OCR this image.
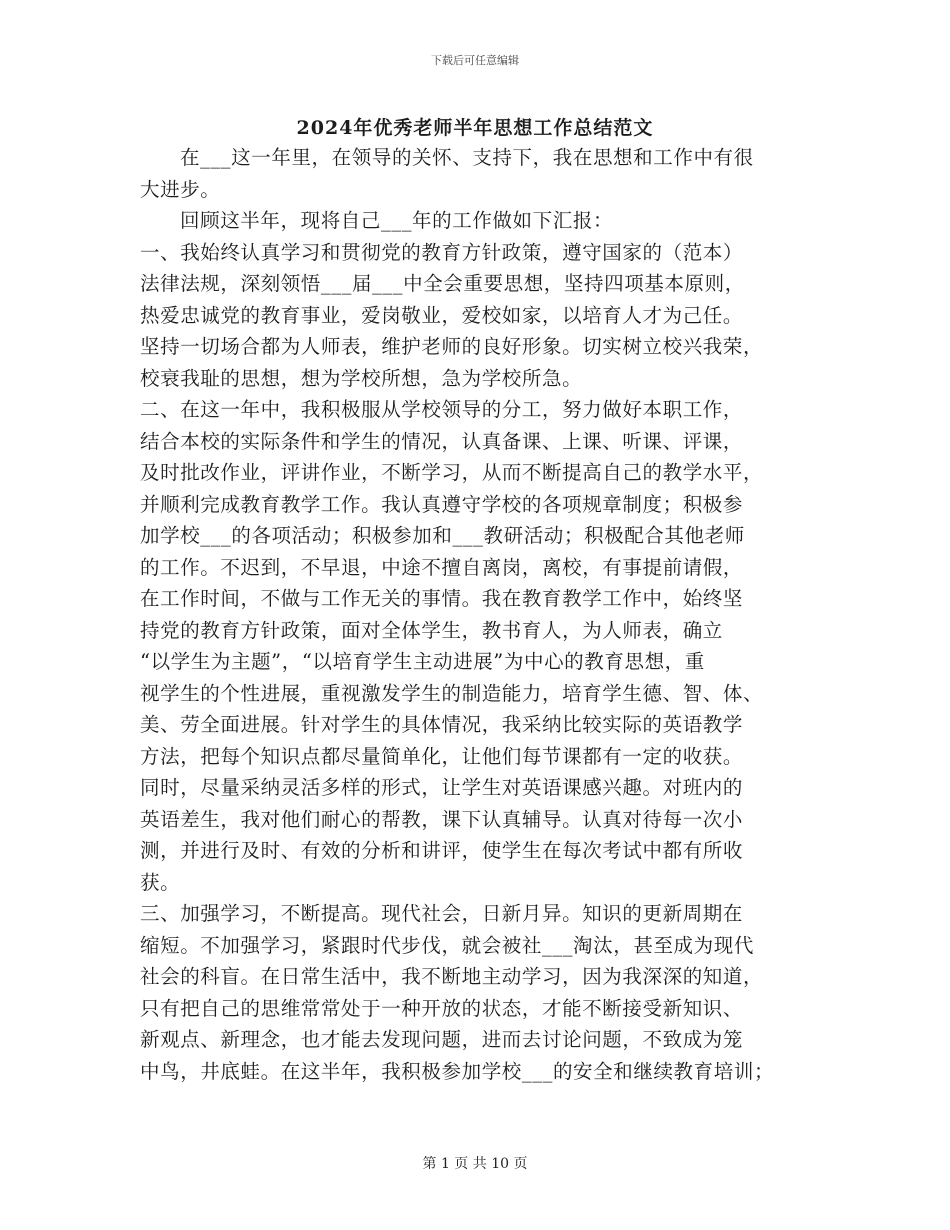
下载后可任意编辑
2024年优秀老师半年思想工作总结范文
在___这一年里，在领导的关怀、支持下，我在思想和工作中有很
大进步。
回顾这半年，现将自己___年的工作做如下汇报：
一、我始终认真学习和贯彻党的教育方针政策，遵守国家的（范本）
法律法规，深刻领悟___届___中全会重要思想，坚持四项基本原则，
热爱忠诚党的教育事业，爱岗敬业，爱校如家，以培育人才为己任。
坚持一切场合都为人师表，维护老师的良好形象。切实树立校兴我荣，
校衰我耻的思想，想为学校所想，急为学校所急。
二、在这一年中，我积极服从学校领导的分工，努力做好本职工作，
结合本校的实际条件和学生的情况，认真备课、上课、听课、评课，
及时批改作业，评讲作业，不断学习，从而不断提高自己的教学水平，
并顺利完成教育教学工作。我认真遵守学校的各项规章制度；积极参
加学校___的各项活动；积极参加和___教研活动；积极配合其他老师
的工作。不迟到，不早退，中途不擅自离岗，离校，有事提前请假，
在工作时间，不做与工作无关的事情。我在教育教学工作中，始终坚
持党的教育方针政策，面对全体学生，教书育人，为人师表，确立
“以学生为主题”，“以培育学生主动进展”为中心的教育思想，重
视学生的个性进展，重视激发学生的制造能力，培育学生德、智、体、
美、劳全面进展。针对学生的具体情况，我采纳比较实际的英语教学
方法，把每个知识点都尽量简单化，让他们每节课都有一定的收获。
同时，尽量采纳灵活多样的形式，让学生对英语课感兴趣。对班内的
英语差生，我对他们耐心的帮教，课下认真辅导。认真对待每一次小
测，并进行及时、有效的分析和讲评，使学生在每次考试中都有所收
获。
三、加强学习，不断提高。现代社会，日新月异。知识的更新周期在
缩短。不加强学习，紧跟时代步伐，就会被社___淘汰，甚至成为现代
社会的科盲。在日常生活中，我不断地主动学习，因为我深深的知道，
只有把自己的思维常常处于一种开放的状态，才能不断接受新知识、
新观点、新理念，也才能去发现问题，进而去讨论问题，不致成为笼
中鸟，井底蛙。在这半年，我积极参加学校___的安全和继续教育培训；
第 1 页 共 10 页
